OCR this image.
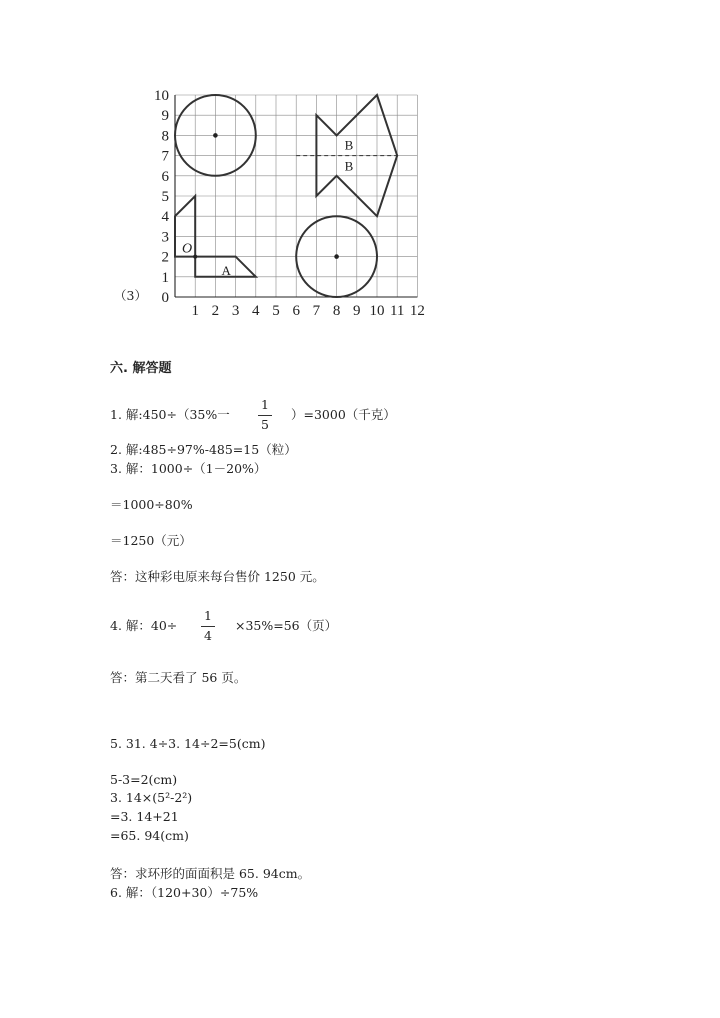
（3）
1 2 3 4 5 6 7 8 9 10 11 12
0
1
2
3
4
5
6
7
8
9
10
O
A
B
B
六. 解答题
1. 解:450÷（35%一
1
5
）=3000（千克）
2. 解:485÷97%-485=15（粒）
3. 解：1000÷（1－20%）
＝1000÷80%
＝1250（元）
答：这种彩电原来每台售价 1250 元。
4. 解：40÷
1
4
×35%=56（页）
答：第二天看了 56 页。
5. 31. 4÷3. 14÷2=5(cm)
5-3=2(cm)
3. 14×(5²-2²)
=3. 14+21
=65. 94(cm)
答：求环形的面面积是 65. 94cm。
6. 解：（120+30）÷75%
